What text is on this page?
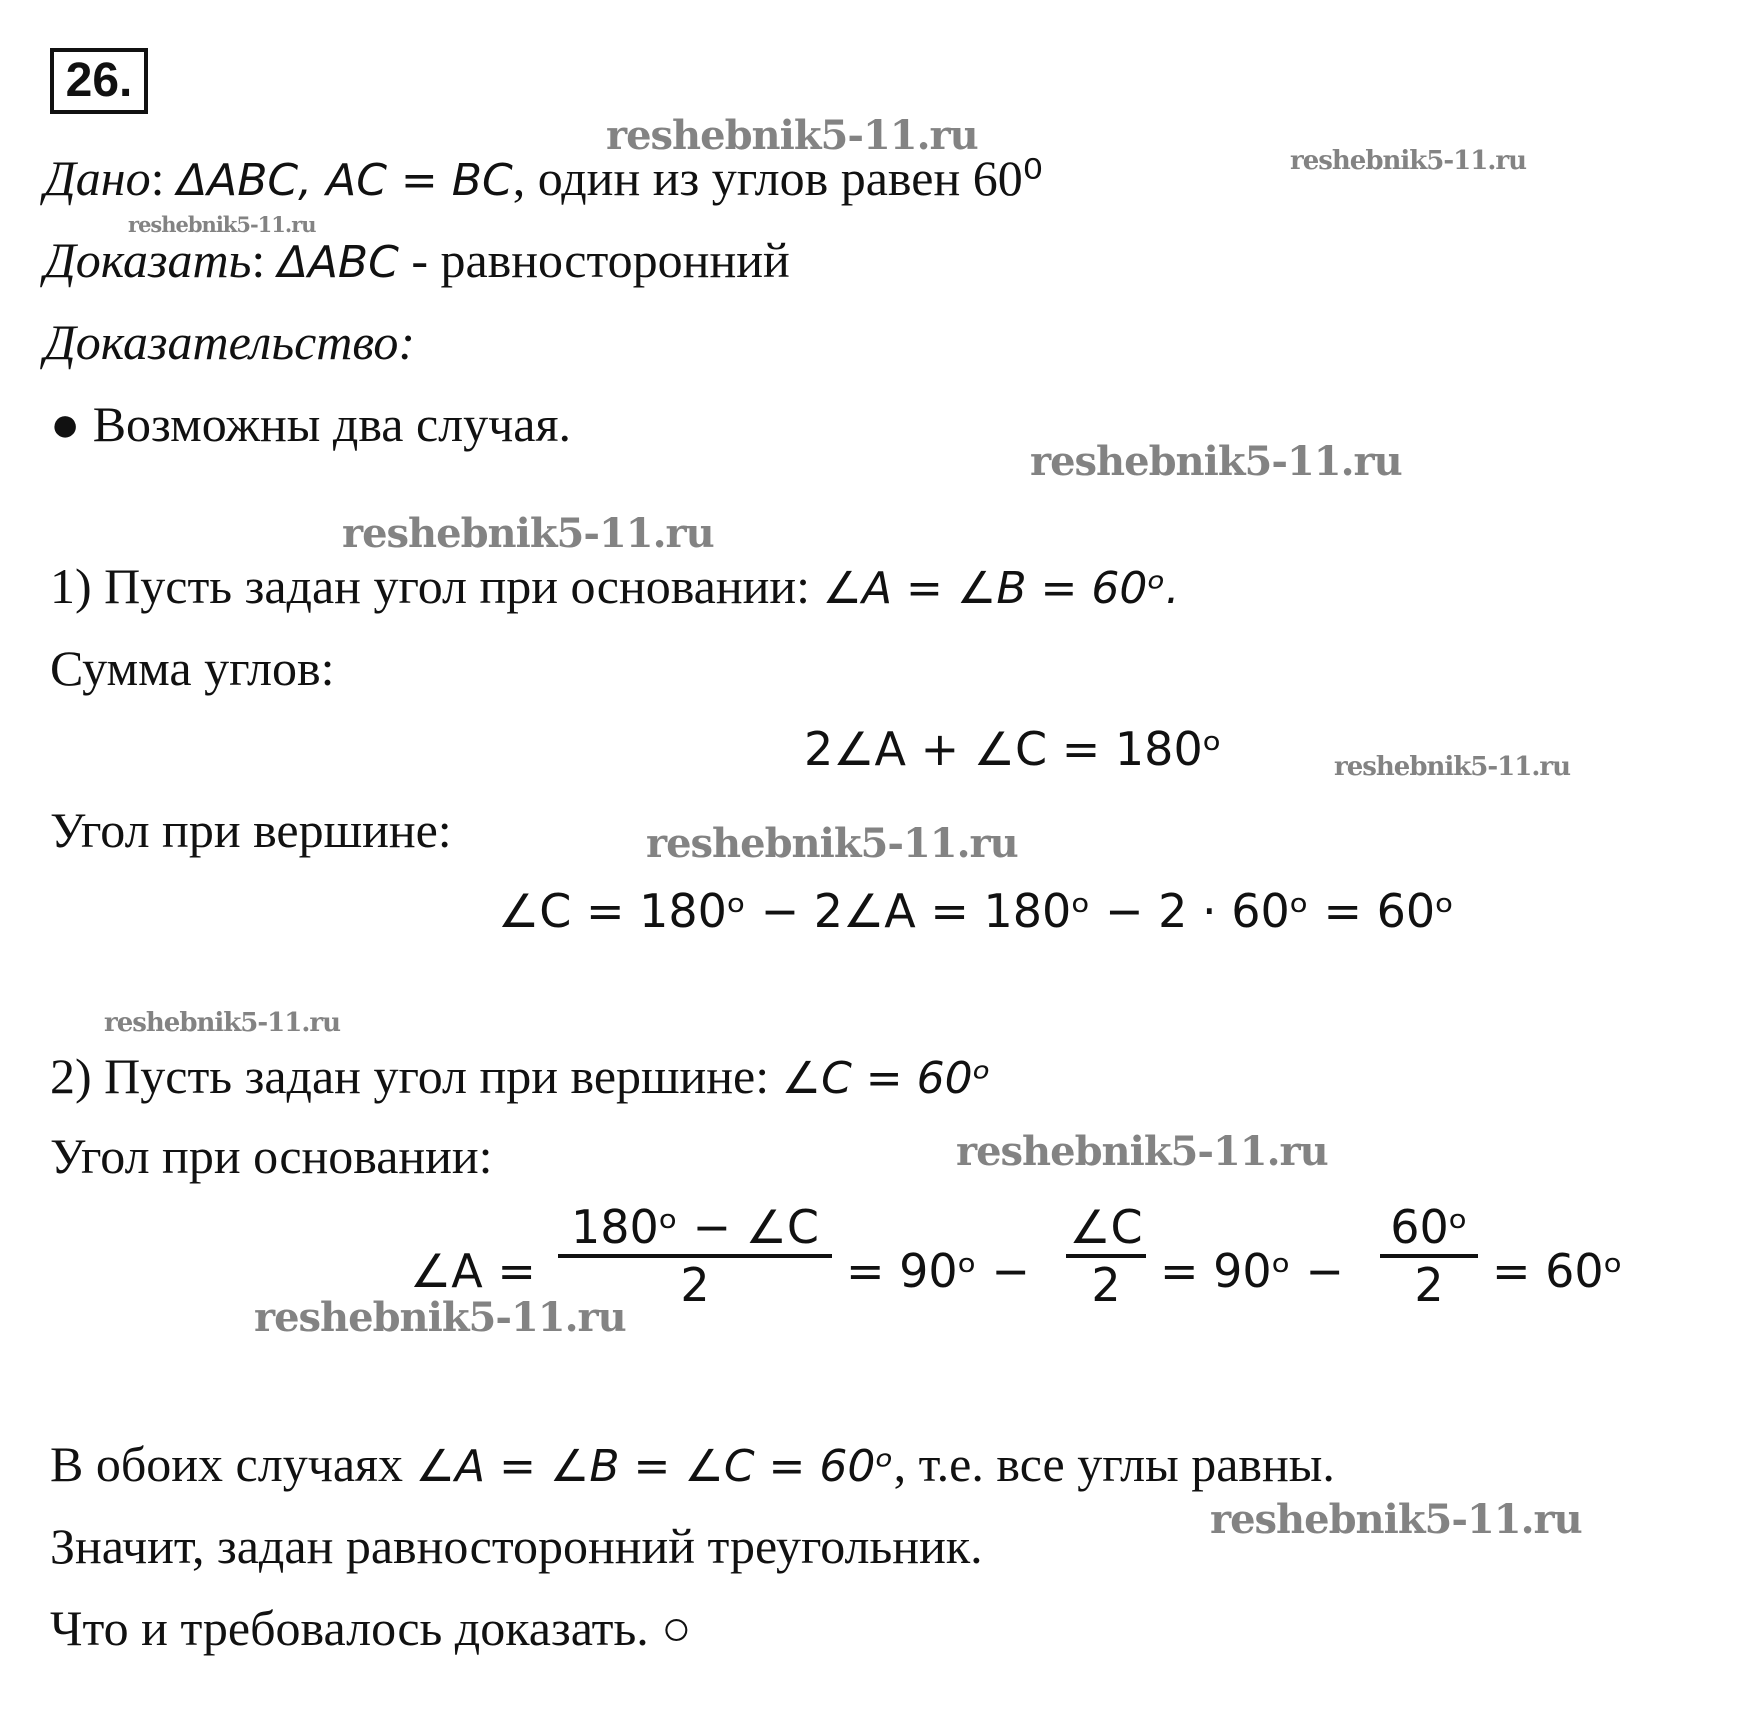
26.
Дано: ΔABC, AC = BC, один из углов равен 60⁰
Доказать: ΔABC - равносторонний
Доказательство:
● Возможны два случая.
1) Пусть задан угол при основании: ∠A = ∠B = 60ᵒ.
Сумма углов:
2∠A + ∠C = 180ᵒ
Угол при вершине:
∠C = 180ᵒ − 2∠A = 180ᵒ − 2 · 60ᵒ = 60ᵒ
2) Пусть задан угол при вершине: ∠C = 60ᵒ
Угол при основании:
∠A =
180ᵒ − ∠C
2	= 90ᵒ −
∠C
2 = 90ᵒ −
60ᵒ
2	= 60ᵒ
В обоих случаях ∠A = ∠B = ∠C = 60ᵒ, т.е. все углы равны.
Значит, задан равносторонний треугольник.
Что и требовалось доказать. ○
reshebnik5-11.ru
reshebnik5-11.ru
reshebnik5-11.ru
reshebnik5-11.ru
reshebnik5-11.ru
reshebnik5-11.ru
reshebnik5-11.ru
reshebnik5-11.ru
reshebnik5-11.ru
reshebnik5-11.ru
reshebnik5-11.ru
